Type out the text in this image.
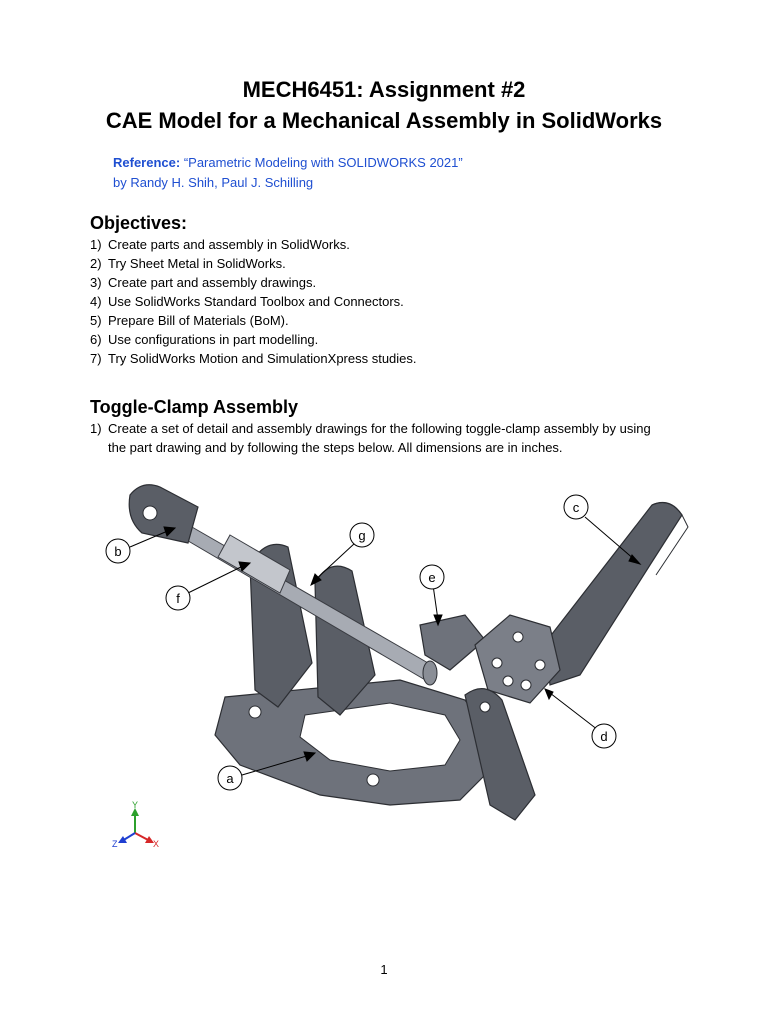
MECH6451: Assignment #2
CAE Model for a Mechanical Assembly in SolidWorks
Reference: “Parametric Modeling with SOLIDWORKS 2021”
by Randy H. Shih, Paul J. Schilling
Objectives:
1) Create parts and assembly in SolidWorks.
2) Try Sheet Metal in SolidWorks.
3) Create part and assembly drawings.
4) Use SolidWorks Standard Toolbox and Connectors.
5) Prepare Bill of Materials (BoM).
6) Use configurations in part modelling.
7) Try SolidWorks Motion and SimulationXpress studies.
Toggle-Clamp Assembly
1) Create a set of detail and assembly drawings for the following toggle-clamp assembly by using the part drawing and by following the steps below. All dimensions are in inches.
a
b
c
d
e
f
g
Y
X
Z
1
